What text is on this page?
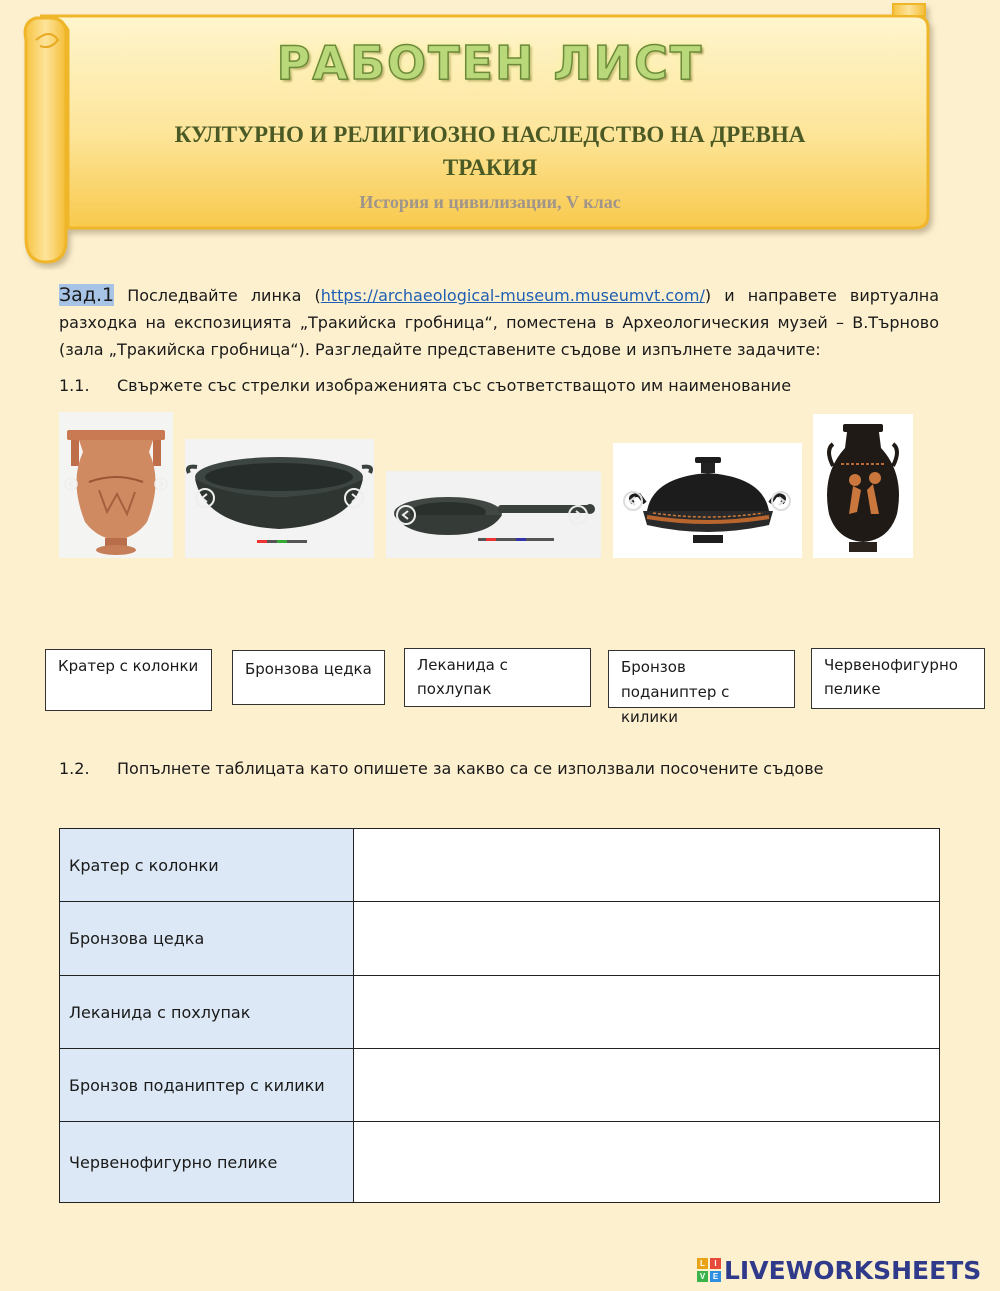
РАБОТЕН ЛИСТ
КУЛТУРНО И РЕЛИГИОЗНО НАСЛЕДСТВО НА ДРЕВНА
ТРАКИЯ
История и цивилизации, V клас
Зад.1 Последвайте линка (https://archaeological-museum.museumvt.com/) и направете виртуална разходка на експозицията „Тракийска гробница“, поместена в Археологическия музей – В.Търново (зала „Тракийска гробница“). Разгледайте представените съдове и изпълнете задачите:
1.1. Свържете със стрелки изображенията със съответстващото им наименование
Кратер с колонки	Бронзова цедка	Леканида с похлупак
Бронзов поданиптер с килики
Червенофигурно пелике
1.2. Попълнете таблицата като опишете за какво са се използвали посочените съдове
Кратер с колонки	
Бронзова цедка	
Леканида с похлупак	
Бронзов поданиптер с килики	
Червенофигурно пелике	
L	I
V E LIVEWORKSHEETS
